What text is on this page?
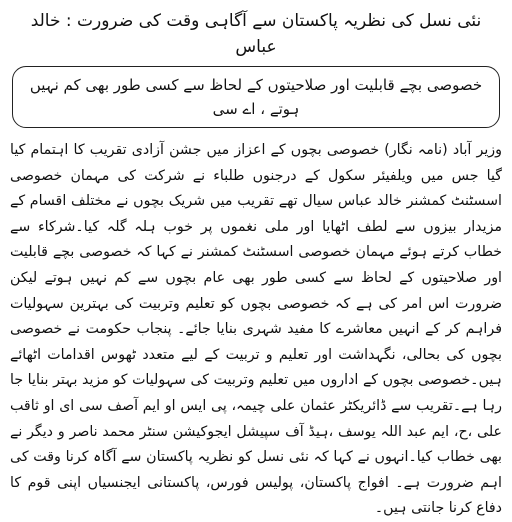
نئی نسل کی نظریہ پاکستان سے آگاہی وقت کی ضرورت : خالد عباس
خصوصی بچے قابلیت اور صلاحیتوں کے لحاظ سے کسی طور بھی کم نہیں ہوتے ، اے سی

وزیر آباد (نامہ نگار) خصوصی بچوں کے اعزاز میں جشن آزادی تقریب کا اہتمام کیا گیا جس میں ویلفیئر سکول کے درجنوں طلباء نے شرکت کی مہمان خصوصی اسسٹنٹ کمشنر خالد عباس سیال تھے تقریب میں شریک بچوں نے مختلف اقسام کے مزیدار بیزوں سے لطف اٹھایا اور ملی نغموں پر خوب ہلہ گلہ کیا۔شرکاء سے خطاب کرتے ہوئے مہمان خصوصی اسسٹنٹ کمشنر نے کہا کہ خصوصی بچے قابلیت اور صلاحیتوں کے لحاظ سے کسی طور بھی عام بچوں سے کم نہیں ہوتے لیکن ضرورت اس امر کی ہے کہ خصوصی بچوں کو تعلیم وتربیت کی بہترین سہولیات فراہم کر کے انہیں معاشرے کا مفید شہری بنایا جائے۔ پنجاب حکومت نے خصوصی بچوں کی بحالی، نگہداشت اور تعلیم و تربیت کے لیے متعدد ٹھوس اقدامات اٹھائے ہیں۔خصوصی بچوں کے اداروں میں تعلیم وتربیت کی سہولیات کو مزید بہتر بنایا جا رہا ہے۔تقریب سے ڈائریکٹر عثمان علی چیمہ، پی ایس او ایم آصف سی ای او ثاقب علی ،ح، ایم عبد اللہ یوسف ،ہیڈ آف سپیشل ایجوکیشن سنٹر محمد ناصر و دیگر نے بھی خطاب کیا۔انہوں نے کہا کہ نئی نسل کو نظریہ پاکستان سے آگاہ کرنا وقت کی اہم ضرورت ہے۔ افواج پاکستان، پولیس فورس، پاکستانی ایجنسیاں اپنی قوم کا دفاع کرنا جانتی ہیں۔
